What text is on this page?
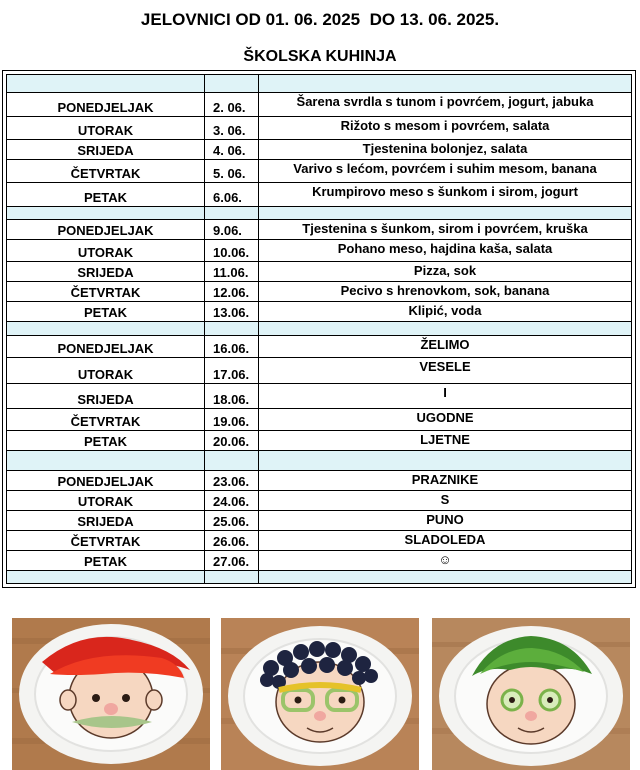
JELOVNICI OD 01. 06. 2025  DO 13. 06. 2025.
ŠKOLSKA KUHINJA

PONEDJELJAK	2. 06.	Šarena svrdla s tunom i povrćem, jogurt, jabuka
UTORAK	3. 06.	Rižoto s mesom i povrćem, salata
SRIJEDA	4. 06.	Tjestenina bolonjez, salata
ČETVRTAK	5. 06.	Varivo s lećom, povrćem i suhim mesom, banana
PETAK	6.06.	Krumpirovo meso s šunkom i sirom, jogurt

PONEDJELJAK	9.06.	Tjestenina s šunkom, sirom i povrćem, kruška
UTORAK	10.06.	Pohano meso, hajdina kaša, salata
SRIJEDA	11.06.	Pizza, sok
ČETVRTAK	12.06.	Pecivo s hrenovkom, sok, banana
PETAK	13.06.	Klipić, voda

PONEDJELJAK	16.06.	ŽELIMO
UTORAK	17.06.	VESELE
SRIJEDA	18.06.	I
ČETVRTAK	19.06.	UGODNE
PETAK	20.06.	LJETNE

PONEDJELJAK	23.06.	PRAZNIKE
UTORAK	24.06.	S
SRIJEDA	25.06.	PUNO
ČETVRTAK	26.06.	SLADOLEDA
PETAK	27.06.	☺
